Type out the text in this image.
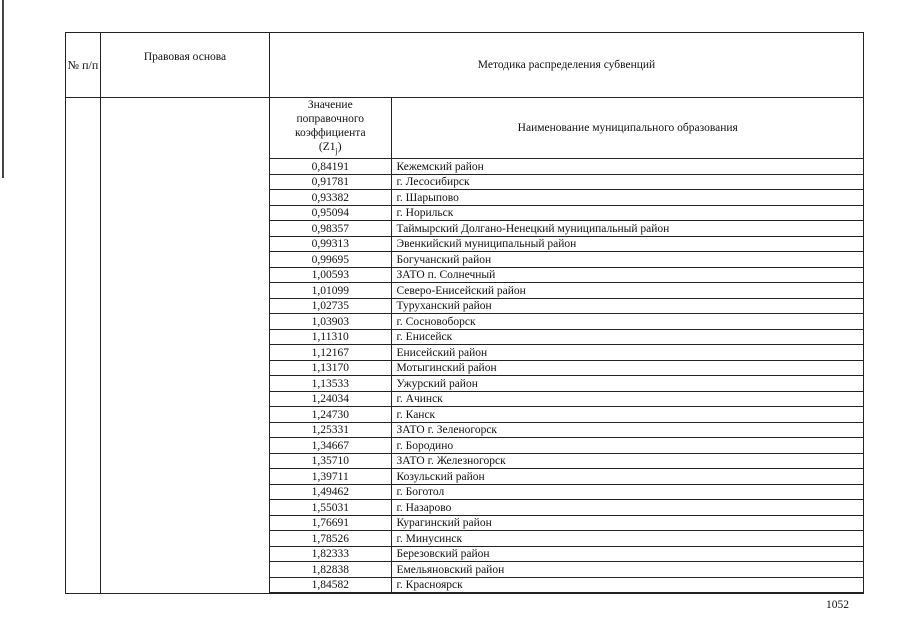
№ п/п	Правовая основа	Методика распределения субвенций

Значение
поправочного
коэффициента
$(Z1_j)$	Наименование муниципального образования
0,84191	Кежемский район
0,91781	г. Лесосибирск
0,93382	г. Шарыпово
0,95094	г. Норильск
0,98357	Таймырский Долгано-Ненецкий муниципальный район
0,99313	Эвенкийский муниципальный район
0,99695	Богучанский район
1,00593	ЗАТО п. Солнечный
1,01099	Северо-Енисейский район
1,02735	Туруханский район
1,03903	г. Сосновоборск
1,11310	г. Енисейск
1,12167	Енисейский район
1,13170	Мотыгинский район
1,13533	Ужурский район
1,24034	г. Ачинск
1,24730	г. Канск
1,25331	ЗАТО г. Зеленогорск
1,34667	г. Бородино
1,35710	ЗАТО г. Железногорск
1,39711	Козульский район
1,49462	г. Боготол
1,55031	г. Назарово
1,76691	Курагинский район
1,78526	г. Минусинск
1,82333	Березовский район
1,82838	Емельяновский район
1,84582	г. Красноярск
1052
